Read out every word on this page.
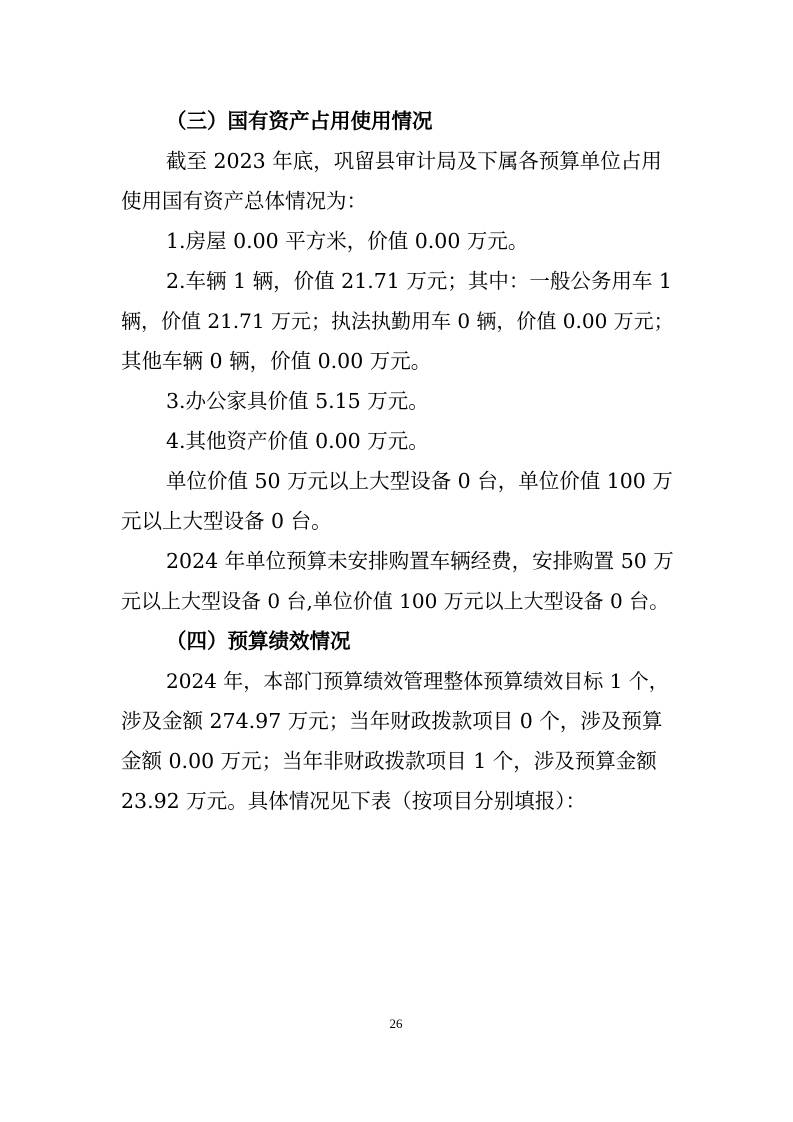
（三）国有资产占用使用情况
截至 2023 年底，巩留县审计局及下属各预算单位占用
使用国有资产总体情况为：
1.房屋 0.00 平方米，价值 0.00 万元。
2.车辆 1 辆，价值 21.71 万元；其中：一般公务用车 1
辆，价值 21.71 万元；执法执勤用车 0 辆，价值 0.00 万元；
其他车辆 0 辆，价值 0.00 万元。
3.办公家具价值 5.15 万元。
4.其他资产价值 0.00 万元。
单位价值 50 万元以上大型设备 0 台，单位价值 100 万
元以上大型设备 0 台。
2024 年单位预算未安排购置车辆经费，安排购置 50 万
元以上大型设备 0 台,单位价值 100 万元以上大型设备 0 台。
（四）预算绩效情况
2024 年，本部门预算绩效管理整体预算绩效目标 1 个，
涉及金额 274.97 万元；当年财政拨款项目 0 个，涉及预算
金额 0.00 万元；当年非财政拨款项目 1 个，涉及预算金额
23.92 万元。具体情况见下表（按项目分别填报）：
26
